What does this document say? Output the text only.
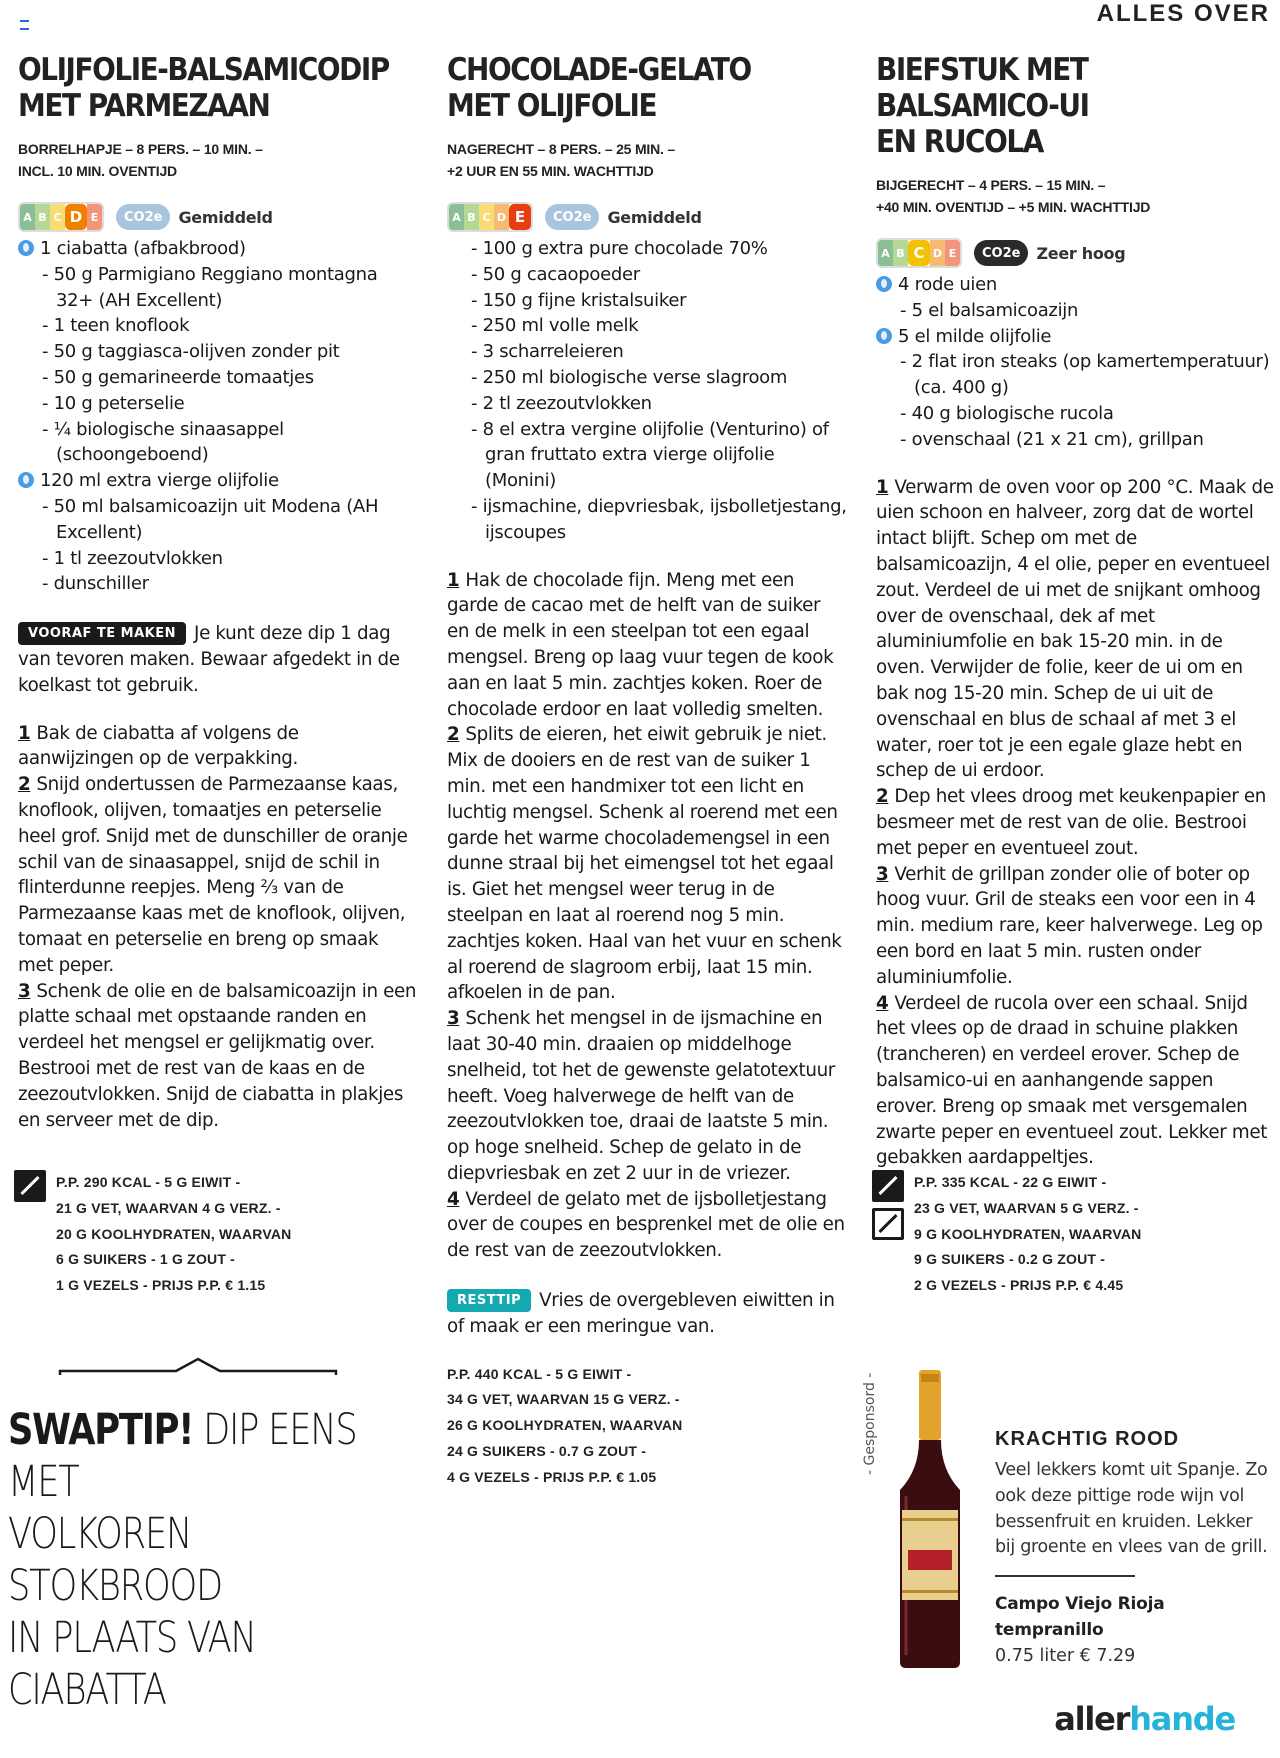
ALLES OVER
OLIJFOLIE-BALSAMICODIP
MET PARMEZAAN
BORRELHAPJE – 8 PERS. – 10 MIN. –
INCL. 10 MIN. OVENTIJD
A B C D E	CO2e	Gemiddeld
1 ciabatta (afbakbrood)
- 50 g Parmigiano Reggiano montagna 32+ (AH Excellent)
- 1 teen knoflook
- 50 g taggiasca-olijven zonder pit
- 50 g gemarineerde tomaatjes
- 10 g peterselie
- ¼ biologische sinaasappel (schoongeboend)
120 ml extra vierge olijfolie
- 50 ml balsamicoazijn uit Modena (AH Excellent)
- 1 tl zeezoutvlokken
- dunschiller

VOORAF TE MAKEN Je kunt deze dip 1 dag van tevoren maken. Bewaar afgedekt in de koelkast tot gebruik.

1 Bak de ciabatta af volgens de aanwijzingen op de verpakking.

2 Snijd ondertussen de Parmezaanse kaas, knoflook, olijven, tomaatjes en peterselie heel grof. Snijd met de dunschiller de oranje schil van de sinaasappel, snijd de schil in flinterdunne reepjes. Meng ⅔ van de Parmezaanse kaas met de knoflook, olijven, tomaat en peterselie en breng op smaak met peper.

3 Schenk de olie en de balsamicoazijn in een platte schaal met opstaande randen en verdeel het mengsel er gelijkmatig over. Bestrooi met de rest van de kaas en de zeezoutvlokken. Snijd de ciabatta in plakjes en serveer met de dip.

CHOCOLADE-GELATO
MET OLIJFOLIE
NAGERECHT – 8 PERS. – 25 MIN. –
+2 UUR EN 55 MIN. WACHTTIJD
A B C D E	CO2e	Gemiddeld
- 100 g extra pure chocolade 70%
- 50 g cacaopoeder
- 150 g fijne kristalsuiker
- 250 ml volle melk
- 3 scharreleieren
- 250 ml biologische verse slagroom
- 2 tl zeezoutvlokken
- 8 el extra vergine olijfolie (Venturino) of gran fruttato extra vierge olijfolie (Monini)
- ijsmachine, diepvriesbak, ijsbolletjestang, ijscoupes

1 Hak de chocolade fijn. Meng met een garde de cacao met de helft van de suiker en de melk in een steelpan tot een egaal mengsel. Breng op laag vuur tegen de kook aan en laat 5 min. zachtjes koken. Roer de chocolade erdoor en laat volledig smelten.

2 Splits de eieren, het eiwit gebruik je niet. Mix de dooiers en de rest van de suiker 1 min. met een handmixer tot een licht en luchtig mengsel. Schenk al roerend met een garde het warme chocolademengsel in een dunne straal bij het eimengsel tot het egaal is. Giet het mengsel weer terug in de steelpan en laat al roerend nog 5 min. zachtjes koken. Haal van het vuur en schenk al roerend de slagroom erbij, laat 15 min. afkoelen in de pan.

3 Schenk het mengsel in de ijsmachine en laat 30-40 min. draaien op middelhoge snelheid, tot het de gewenste gelatotextuur heeft. Voeg halverwege de helft van de zeezoutvlokken toe, draai de laatste 5 min. op hoge snelheid. Schep de gelato in de diepvriesbak en zet 2 uur in de vriezer.

4 Verdeel de gelato met de ijsbolletjestang over de coupes en besprenkel met de olie en de rest van de zeezoutvlokken.

RESTTIP Vries de overgebleven eiwitten in of maak er een meringue van.

P.P. 440 KCAL - 5 G EIWIT -
34 G VET, WAARVAN 15 G VERZ. -
26 G KOOLHYDRATEN, WAARVAN
24 G SUIKERS - 0.7 G ZOUT -
4 G VEZELS - PRIJS P.P. € 1.05
BIEFSTUK MET BALSAMICO-UI
EN RUCOLA
BIJGERECHT – 4 PERS. – 15 MIN. –
+40 MIN. OVENTIJD – +5 MIN. WACHTTIJD
A B C D E	CO2e	Zeer hoog
4 rode uien
- 5 el balsamicoazijn
5 el milde olijfolie
- 2 flat iron steaks (op kamertemperatuur) (ca. 400 g)
- 40 g biologische rucola
- ovenschaal (21 x 21 cm), grillpan

1 Verwarm de oven voor op 200 °C. Maak de uien schoon en halveer, zorg dat de wortel intact blijft. Schep om met de balsamicoazijn, 4 el olie, peper en eventueel zout. Verdeel de ui met de snijkant omhoog over de ovenschaal, dek af met aluminiumfolie en bak 15-20 min. in de oven. Verwijder de folie, keer de ui om en bak nog 15-20 min. Schep de ui uit de ovenschaal en blus de schaal af met 3 el water, roer tot je een egale glaze hebt en schep de ui erdoor.

2 Dep het vlees droog met keukenpapier en besmeer met de rest van de olie. Bestrooi met peper en eventueel zout.

3 Verhit de grillpan zonder olie of boter op hoog vuur. Gril de steaks een voor een in 4 min. medium rare, keer halverwege. Leg op een bord en laat 5 min. rusten onder aluminiumfolie.

4 Verdeel de rucola over een schaal. Snijd het vlees op de draad in schuine plakken (trancheren) en verdeel erover. Schep de balsamico-ui en aanhangende sappen erover. Breng op smaak met versgemalen zwarte peper en eventueel zout. Lekker met gebakken aardappeltjes.

P.P. 290 KCAL - 5 G EIWIT -
21 G VET, WAARVAN 4 G VERZ. -
20 G KOOLHYDRATEN, WAARVAN
6 G SUIKERS - 1 G ZOUT -
1 G VEZELS - PRIJS P.P. € 1.15
P.P. 335 KCAL - 22 G EIWIT -
23 G VET, WAARVAN 5 G VERZ. -
9 G KOOLHYDRATEN, WAARVAN
9 G SUIKERS - 0.2 G ZOUT -
2 G VEZELS - PRIJS P.P. € 4.45
SWAPTIP! DIP EENS MET
VOLKOREN STOKBROOD
IN PLAATS VAN CIABATTA
- Gesponsord -	KRACHTIG ROOD

Veel lekkers komt uit Spanje. Zo ook deze pittige rode wijn vol bessenfruit en kruiden. Lekker bij groente en vlees van de grill.

Campo Viejo Rioja tempranillo
0.75 liter € 7.29
allerhande
